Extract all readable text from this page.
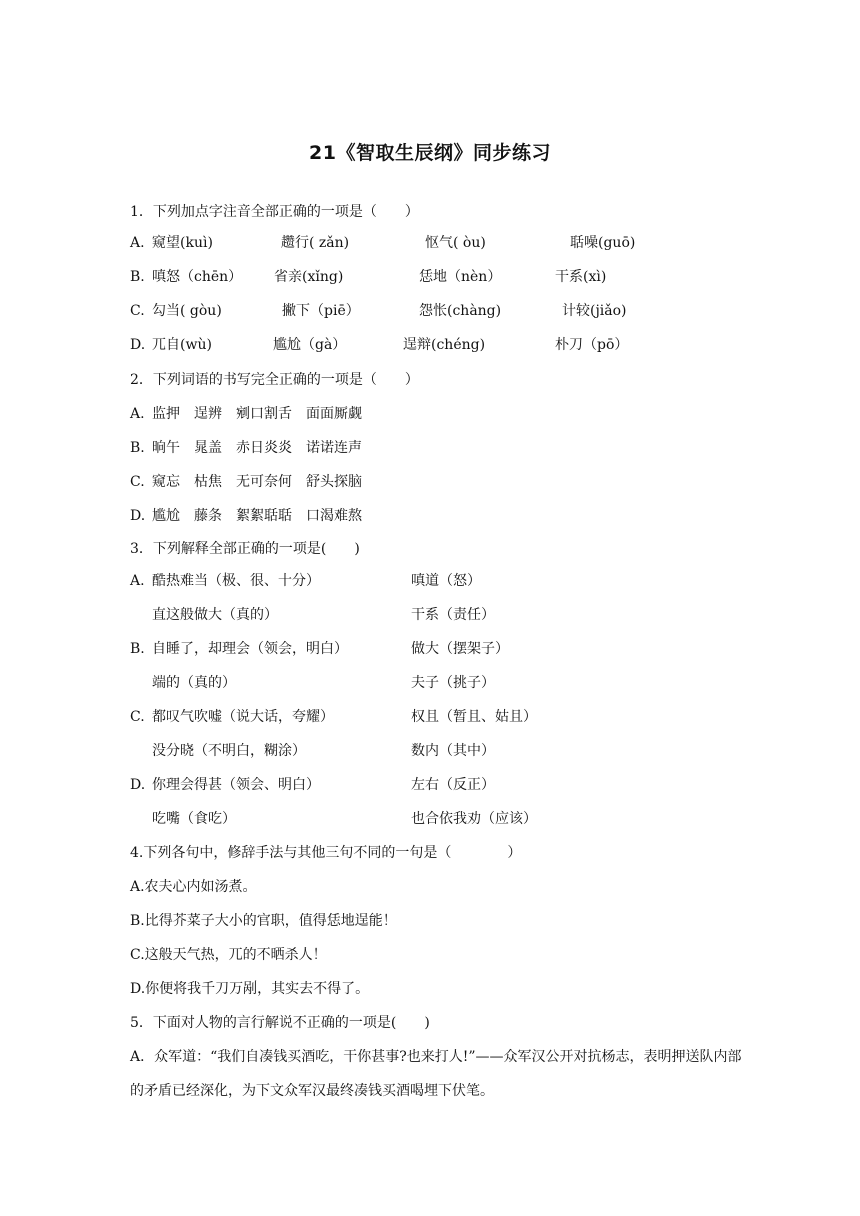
21《智取生辰纲》同步练习
1．下列加点字注音全部正确的一项是（　　）
A. 窥望(kuì)	趱行( zǎn)	怄气( òu)	聒噪(guō)
B. 嗔怒（chēn） 省亲(xǐng)	恁地（nèn）	干系(xì)
C. 勾当( gòu)	撇下（piē）	怨怅(chàng)	计较(jiǎo)
D. 兀自(wù)	尴尬（gà）	逞辩(chéng)	朴刀（pō）
2．下列词语的书写完全正确的一项是（　　）
A. 监押　逞辨　剜口割舌　面面厮觑
B. 晌午　晁盖　赤日炎炎　诺诺连声
C. 窥忘　枯焦　无可奈何　舒头探脑
D. 尴尬　藤条　絮絮聒聒　口渴难熬
3．下列解释全部正确的一项是(　　)
A. 酷热难当（极、很、十分）	嗔道（怒）
直这般做大（真的）	干系（责任）
B. 自睡了，却理会（领会，明白）	做大（摆架子）
端的（真的）	夫子（挑子）
C. 都叹气吹嘘（说大话，夸耀）	权且（暂且、姑且）
没分晓（不明白，糊涂）	数内（其中）
D. 你理会得甚（领会、明白）	左右（反正）
吃嘴（食吃）	也合依我劝（应该）
4.下列各句中，修辞手法与其他三句不同的一句是（　　　　）
A.农夫心内如汤煮。
B.比得芥菜子大小的官职，值得恁地逞能！
C.这般天气热，兀的不晒杀人！
D.你便将我千刀万剐，其实去不得了。
5．下面对人物的言行解说不正确的一项是(　　)
A．众军道：“我们自凑钱买酒吃，干你甚事?也来打人!”——众军汉公开对抗杨志，表明押送队内部的矛盾已经深化，为下文众军汉最终凑钱买酒喝埋下伏笔。
